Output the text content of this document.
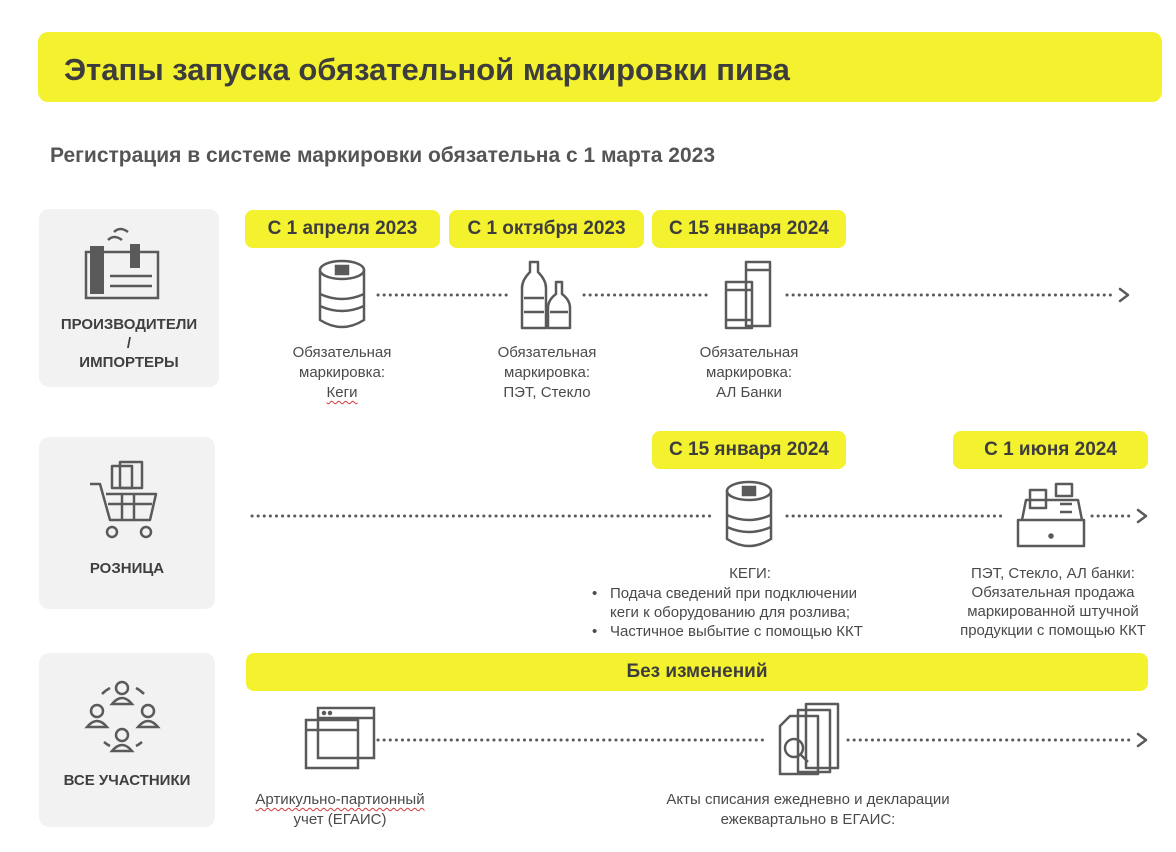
Этапы запуска обязательной маркировки пива
Регистрация в системе маркировки обязательна с 1 марта 2023
ПРОИЗВОДИТЕЛИ
/
ИМПОРТЕРЫ
РОЗНИЦА
ВСЕ УЧАСТНИКИ
С 1 апреля 2023	С 1 октября 2023	С 15 января 2024
С 15 января 2024	С 1 июня 2024
Без изменений
Обязательная
маркировка:
Кеги
Обязательная
маркировка:
ПЭТ, Стекло
Обязательная
маркировка:
АЛ Банки
КЕГИ:
• Подача сведений при подключении
кеги к оборудованию для розлива;
• Частичное выбытие с помощью ККТ
ПЭТ, Стекло, АЛ банки:
Обязательная продажа
маркированной штучной
продукции с помощью ККТ
Артикульно-партионный
учет (ЕГАИС)
Акты списания ежедневно и декларации
ежеквартально в ЕГАИС:
